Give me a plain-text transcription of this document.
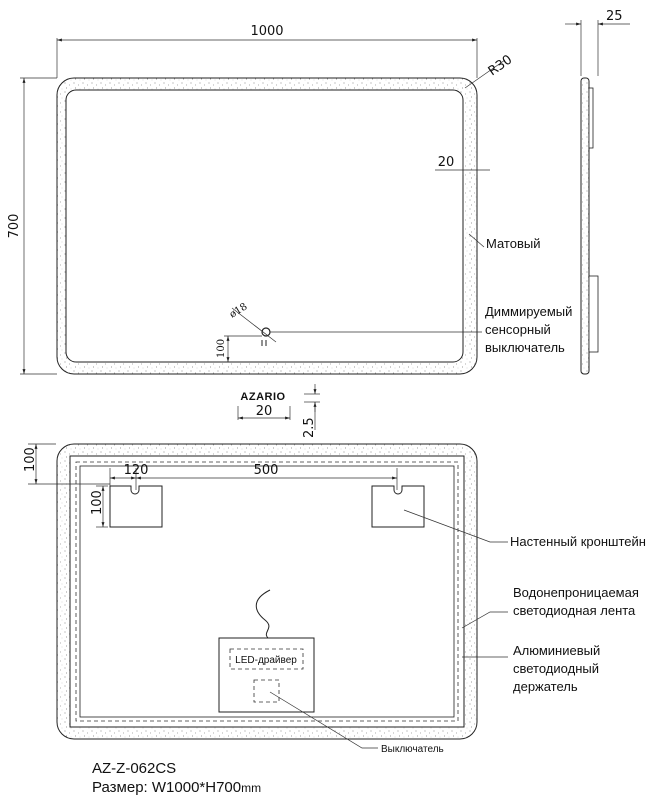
1000
700
R30
20
Матовый
ø18	Диммируемый
сенсорный
выключатель
100
AZARIO
20
2.5
25
100	120	500
100
Настенный кронштейн
Водонепроницаемая
светодиодная лента
Алюминиевый
светодиодный
держатель
LED-драйвер
Выключатель
AZ-Z-062CS
Размер: W1000*H700mm
